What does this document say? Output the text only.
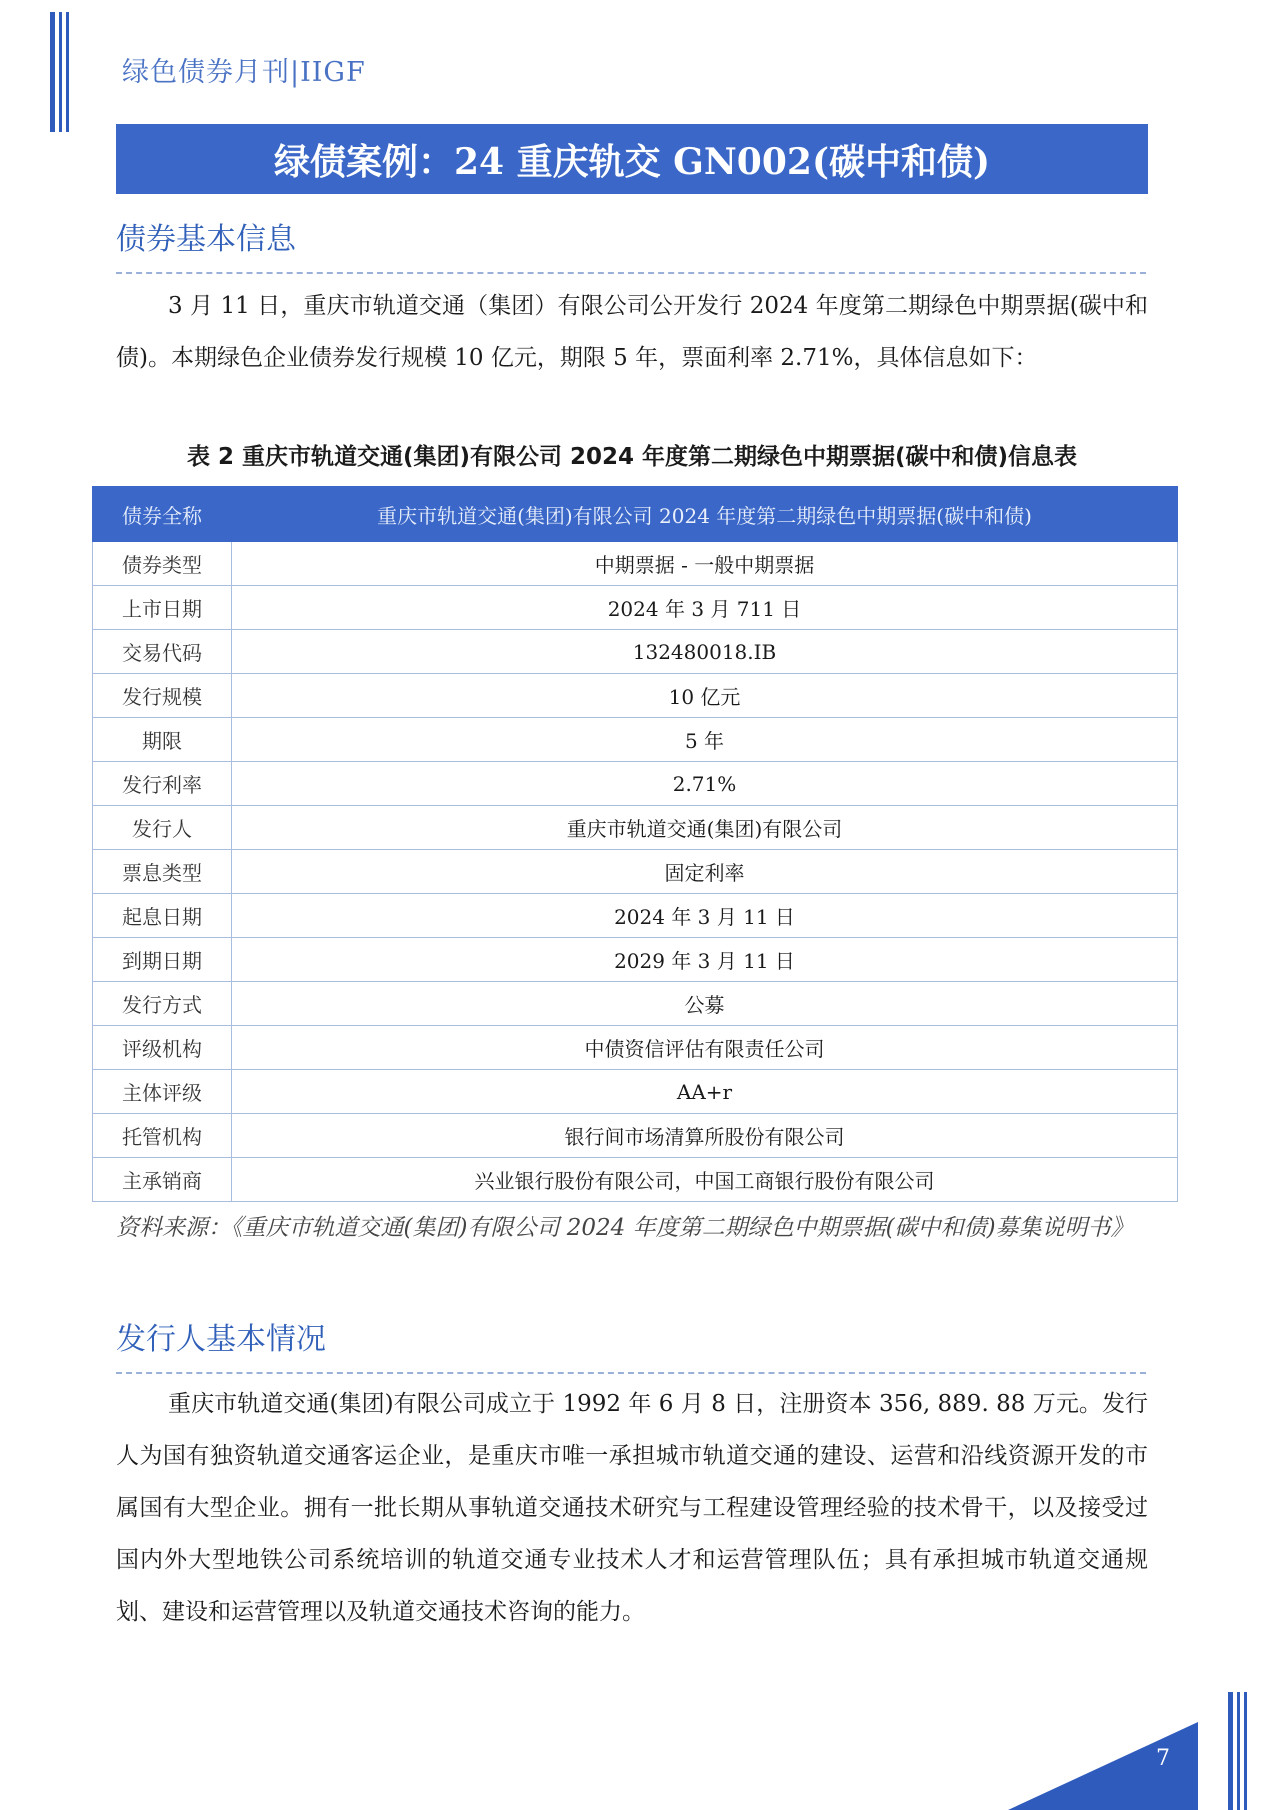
绿色债券月刊|IIGF
绿债案例：24 重庆轨交 GN002(碳中和债)
债券基本信息
3 月 11 日，重庆市轨道交通（集团）有限公司公开发行 2024 年度第二期绿色中期票据(碳中和债)。本期绿色企业债券发行规模 10 亿元，期限 5 年，票面利率 2.71%，具体信息如下：
表 2 重庆市轨道交通(集团)有限公司 2024 年度第二期绿色中期票据(碳中和债)信息表
债券全称	重庆市轨道交通(集团)有限公司 2024 年度第二期绿色中期票据(碳中和债)
债券类型	中期票据 - 一般中期票据
上市日期	2024 年 3 月 711 日
交易代码	132480018.IB
发行规模	10 亿元
期限	5 年
发行利率	2.71%
发行人	重庆市轨道交通(集团)有限公司
票息类型	固定利率
起息日期	2024 年 3 月 11 日
到期日期	2029 年 3 月 11 日
发行方式	公募
评级机构	中债资信评估有限责任公司
主体评级	AA+r
托管机构	银行间市场清算所股份有限公司
主承销商	兴业银行股份有限公司，中国工商银行股份有限公司
资料来源：《重庆市轨道交通(集团)有限公司 2024 年度第二期绿色中期票据(碳中和债)募集说明书》
发行人基本情况
重庆市轨道交通(集团)有限公司成立于 1992 年 6 月 8 日，注册资本 356, 889. 88 万元。发行人为国有独资轨道交通客运企业，是重庆市唯一承担城市轨道交通的建设、运营和沿线资源开发的市属国有大型企业。拥有一批长期从事轨道交通技术研究与工程建设管理经验的技术骨干，以及接受过国内外大型地铁公司系统培训的轨道交通专业技术人才和运营管理队伍；具有承担城市轨道交通规划、建设和运营管理以及轨道交通技术咨询的能力。
7
